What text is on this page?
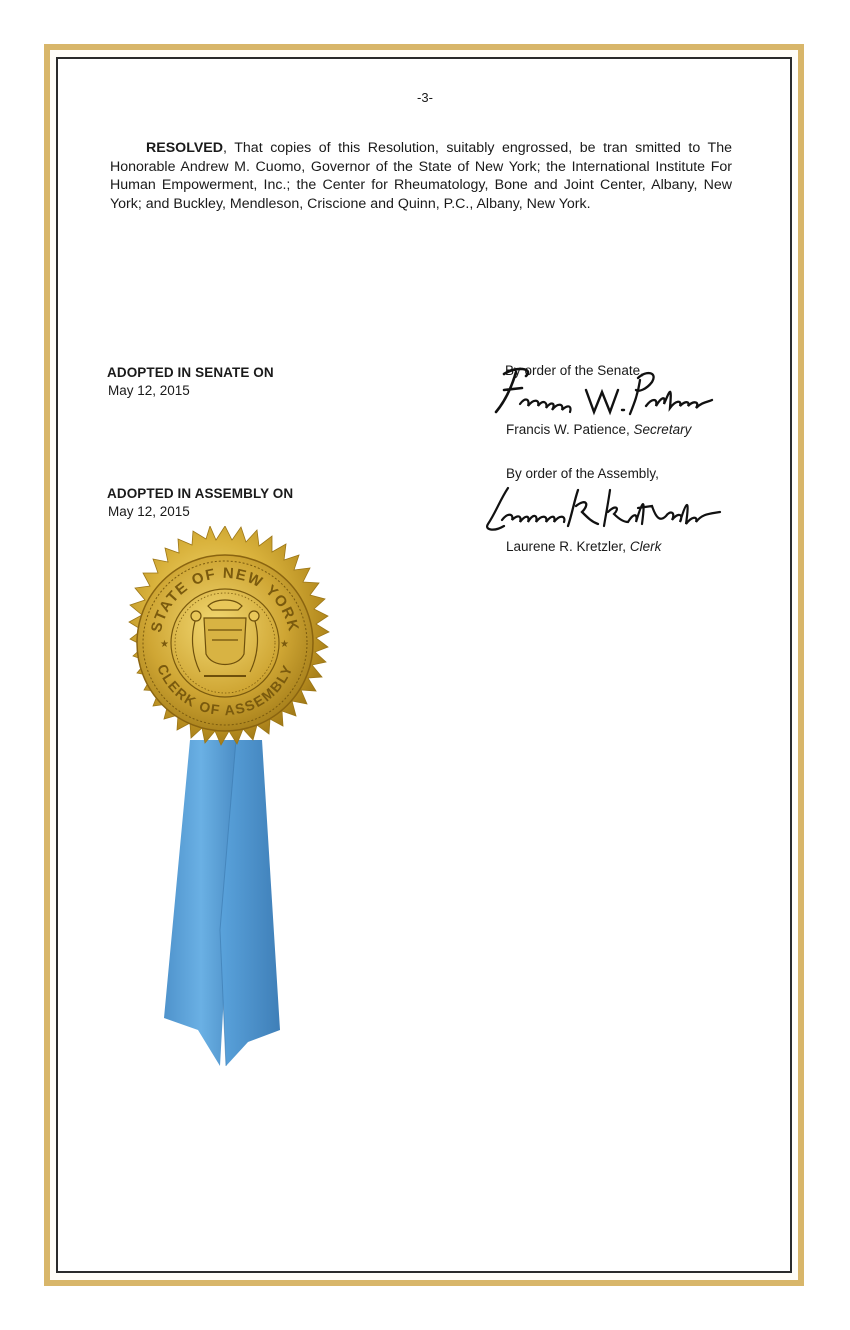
-3-

RESOLVED, That copies of this Resolution, suitably engrossed, be tran smitted to The Honorable Andrew M. Cuomo, Governor of the State of New York; the International Institute For Human Empowerment, Inc.; the Center for Rheumatology, Bone and Joint Center, Albany, New York; and Buckley, Mendleson, Criscione and Quinn, P.C., Albany, New York.

ADOPTED IN SENATE ON
May 12, 2015
By order of the Senate,
Francis W. Patience, Secretary
ADOPTED IN ASSEMBLY ON
May 12, 2015
By order of the Assembly,
Laurene R. Kretzler, Clerk
STATE OF NEW YORK
CLERK OF ASSEMBLY
★	★
